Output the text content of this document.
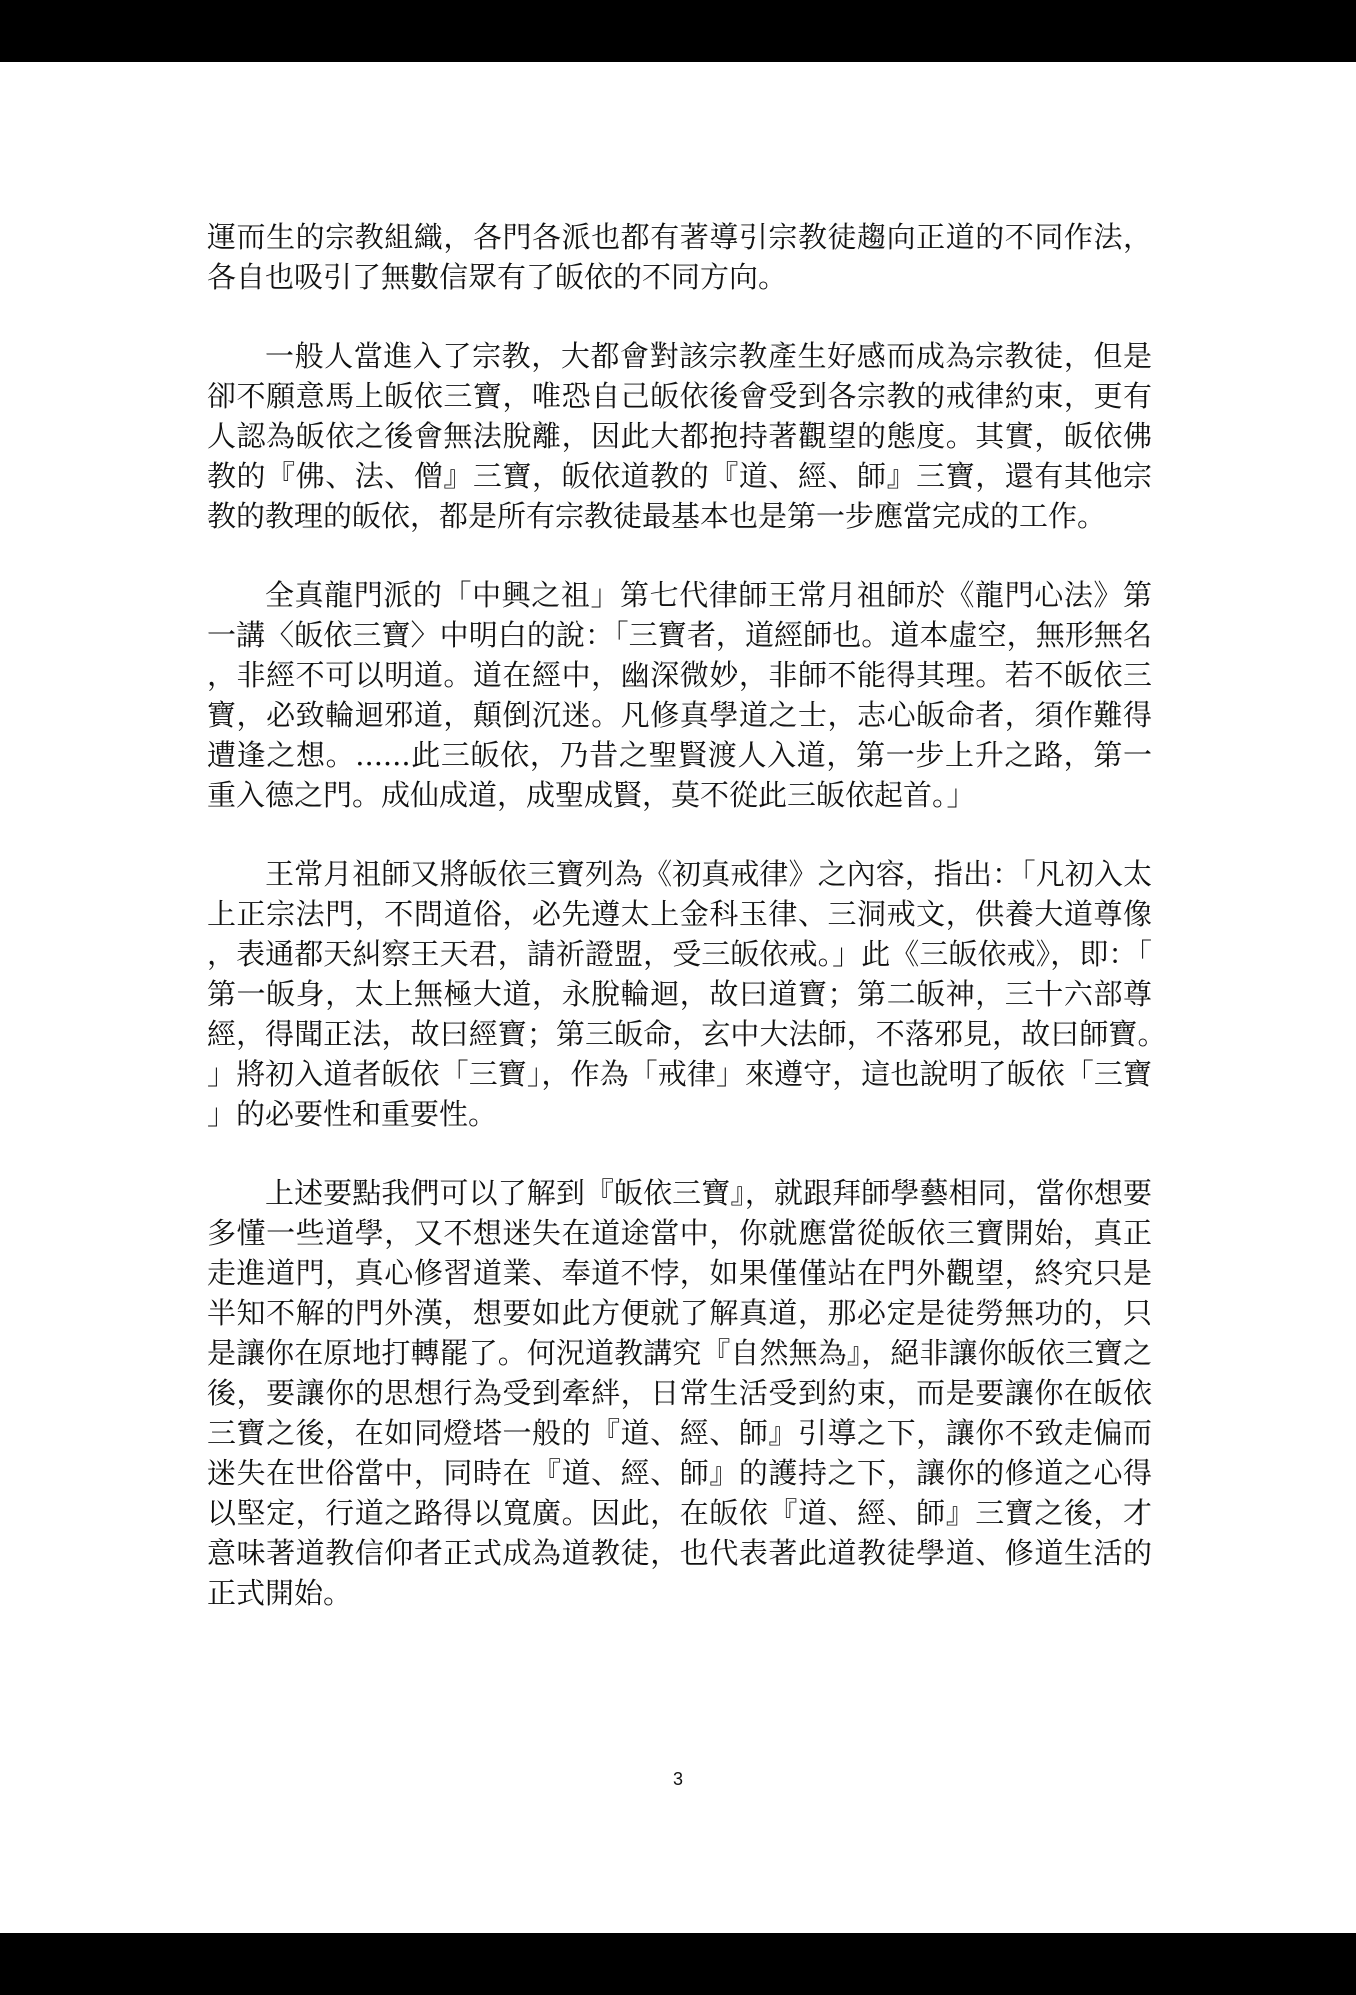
運而生的宗教組織，各門各派也都有著導引宗教徒趨向正道的不同作法，各自也吸引了無數信眾有了皈依的不同方向。

一般人當進入了宗教，大都會對該宗教產生好感而成為宗教徒，但是卻不願意馬上皈依三寶，唯恐自己皈依後會受到各宗教的戒律約束，更有人認為皈依之後會無法脫離，因此大都抱持著觀望的態度。其實，皈依佛教的『佛、法、僧』三寶，皈依道教的『道、經、師』三寶，還有其他宗教的教理的皈依，都是所有宗教徒最基本也是第一步應當完成的工作。

全真龍門派的「中興之祖」第七代律師王常月祖師於《龍門心法》第一講〈皈依三寶〉中明白的說：「三寶者，道經師也。道本虛空，無形無名，非經不可以明道。道在經中，幽深微妙，非師不能得其理。若不皈依三寶，必致輪迴邪道，顛倒沉迷。凡修真學道之士，志心皈命者，須作難得遭逢之想。......此三皈依，乃昔之聖賢渡人入道，第一步上升之路，第一重入德之門。成仙成道，成聖成賢，莫不從此三皈依起首。」

王常月祖師又將皈依三寶列為《初真戒律》之內容，指出：「凡初入太上正宗法門，不問道俗，必先遵太上金科玉律、三洞戒文，供養大道尊像，表通都天糾察王天君，請祈證盟，受三皈依戒。」此《三皈依戒》，即：「第一皈身，太上無極大道，永脫輪迴，故曰道寶；第二皈神，三十六部尊經，得聞正法，故曰經寶；第三皈命，玄中大法師，不落邪見，故曰師寶。」將初入道者皈依「三寶」，作為「戒律」來遵守，這也說明了皈依「三寶」的必要性和重要性。

上述要點我們可以了解到『皈依三寶』，就跟拜師學藝相同，當你想要多懂一些道學，又不想迷失在道途當中，你就應當從皈依三寶開始，真正走進道門，真心修習道業、奉道不悖，如果僅僅站在門外觀望，終究只是半知不解的門外漢，想要如此方便就了解真道，那必定是徒勞無功的，只是讓你在原地打轉罷了。何況道教講究『自然無為』，絕非讓你皈依三寶之後，要讓你的思想行為受到牽絆，日常生活受到約束，而是要讓你在皈依三寶之後，在如同燈塔一般的『道、經、師』引導之下，讓你不致走偏而迷失在世俗當中，同時在『道、經、師』的護持之下，讓你的修道之心得以堅定，行道之路得以寬廣。因此，在皈依『道、經、師』三寶之後，才意味著道教信仰者正式成為道教徒，也代表著此道教徒學道、修道生活的正式開始。

3
